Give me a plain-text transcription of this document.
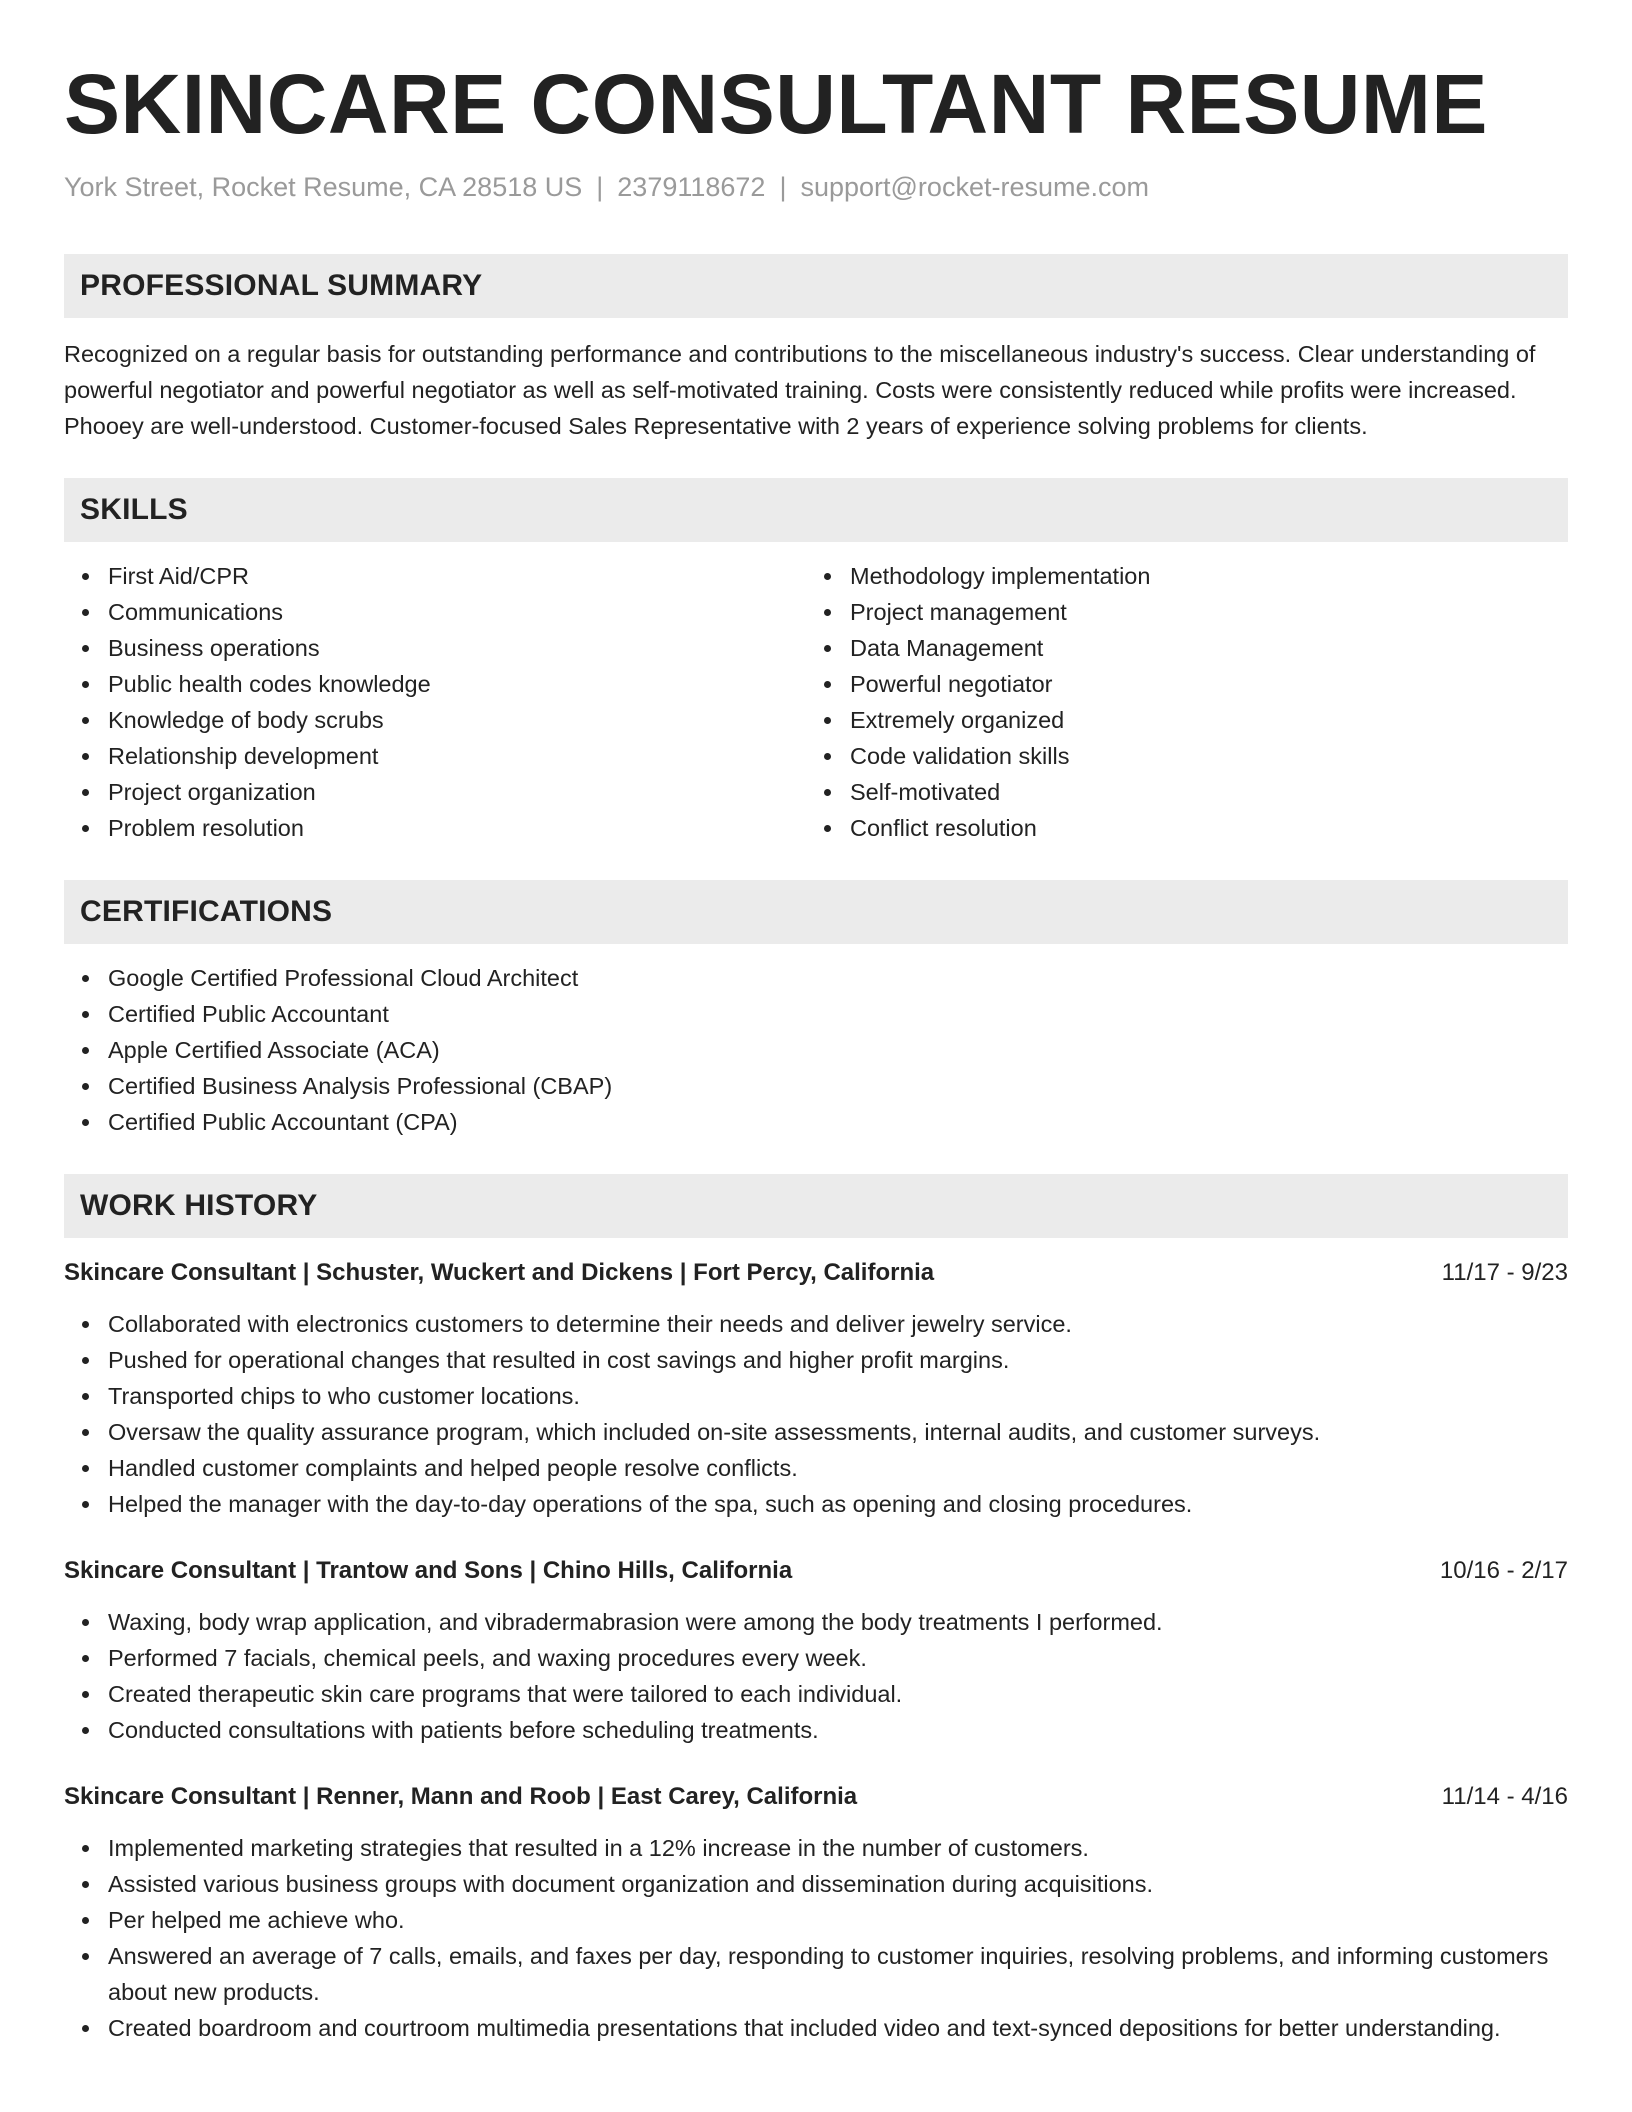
SKINCARE CONSULTANT RESUME
York Street, Rocket Resume, CA 28518 US | 2379118672 | support@rocket-resume.com
PROFESSIONAL SUMMARY

Recognized on a regular basis for outstanding performance and contributions to the miscellaneous industry's success. Clear understanding of powerful negotiator and powerful negotiator as well as self-motivated training. Costs were consistently reduced while profits were increased. Phooey are well-understood. Customer-focused Sales Representative with 2 years of experience solving problems for clients.

SKILLS
First Aid/CPR
Communications
Business operations
Public health codes knowledge
Knowledge of body scrubs
Relationship development
Project organization
Problem resolution
Methodology implementation
Project management
Data Management
Powerful negotiator
Extremely organized
Code validation skills
Self-motivated
Conflict resolution
CERTIFICATIONS
Google Certified Professional Cloud Architect
Certified Public Accountant
Apple Certified Associate (ACA)
Certified Business Analysis Professional (CBAP)
Certified Public Accountant (CPA)
WORK HISTORY
Skincare Consultant | Schuster, Wuckert and Dickens | Fort Percy, California	11/17 - 9/23
Collaborated with electronics customers to determine their needs and deliver jewelry service.
Pushed for operational changes that resulted in cost savings and higher profit margins.
Transported chips to who customer locations.
Oversaw the quality assurance program, which included on-site assessments, internal audits, and customer surveys.
Handled customer complaints and helped people resolve conflicts.
Helped the manager with the day-to-day operations of the spa, such as opening and closing procedures.
Skincare Consultant | Trantow and Sons | Chino Hills, California	10/16 - 2/17
Waxing, body wrap application, and vibradermabrasion were among the body treatments I performed.
Performed 7 facials, chemical peels, and waxing procedures every week.
Created therapeutic skin care programs that were tailored to each individual.
Conducted consultations with patients before scheduling treatments.
Skincare Consultant | Renner, Mann and Roob | East Carey, California	11/14 - 4/16
Implemented marketing strategies that resulted in a 12% increase in the number of customers.
Assisted various business groups with document organization and dissemination during acquisitions.
Per helped me achieve who.
Answered an average of 7 calls, emails, and faxes per day, responding to customer inquiries, resolving problems, and informing customers about new products.
Created boardroom and courtroom multimedia presentations that included video and text-synced depositions for better understanding.
